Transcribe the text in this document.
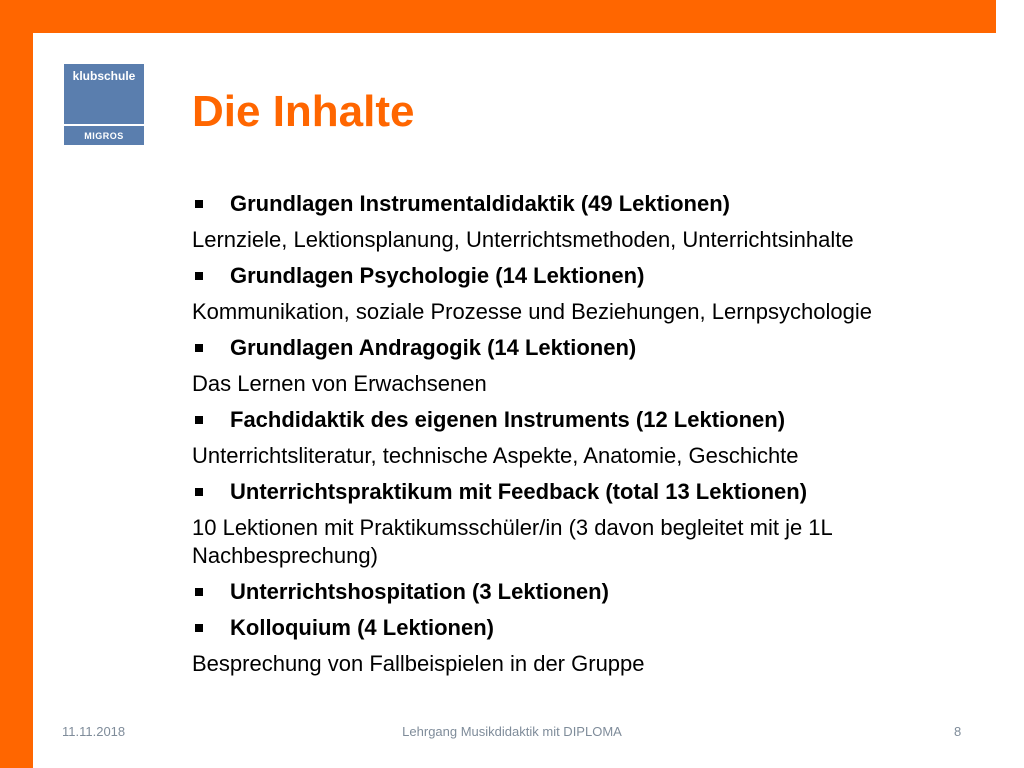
klubschule
MIGROS	Die Inhalte
Grundlagen Instrumentaldidaktik (49 Lektionen)
Lernziele, Lektionsplanung, Unterrichtsmethoden, Unterrichtsinhalte
Grundlagen Psychologie (14 Lektionen)
Kommunikation, soziale Prozesse und Beziehungen, Lernpsychologie
Grundlagen Andragogik (14 Lektionen)
Das Lernen von Erwachsenen
Fachdidaktik des eigenen Instruments (12 Lektionen)
Unterrichtsliteratur, technische Aspekte, Anatomie, Geschichte
Unterrichtspraktikum mit Feedback (total 13 Lektionen)
10 Lektionen mit Praktikumsschüler/in (3 davon begleitet mit je 1L Nachbesprechung)
Unterrichtshospitation (3 Lektionen)
Kolloquium (4 Lektionen)
Besprechung von Fallbeispielen in der Gruppe
11.11.2018	Lehrgang Musikdidaktik mit DIPLOMA	8
